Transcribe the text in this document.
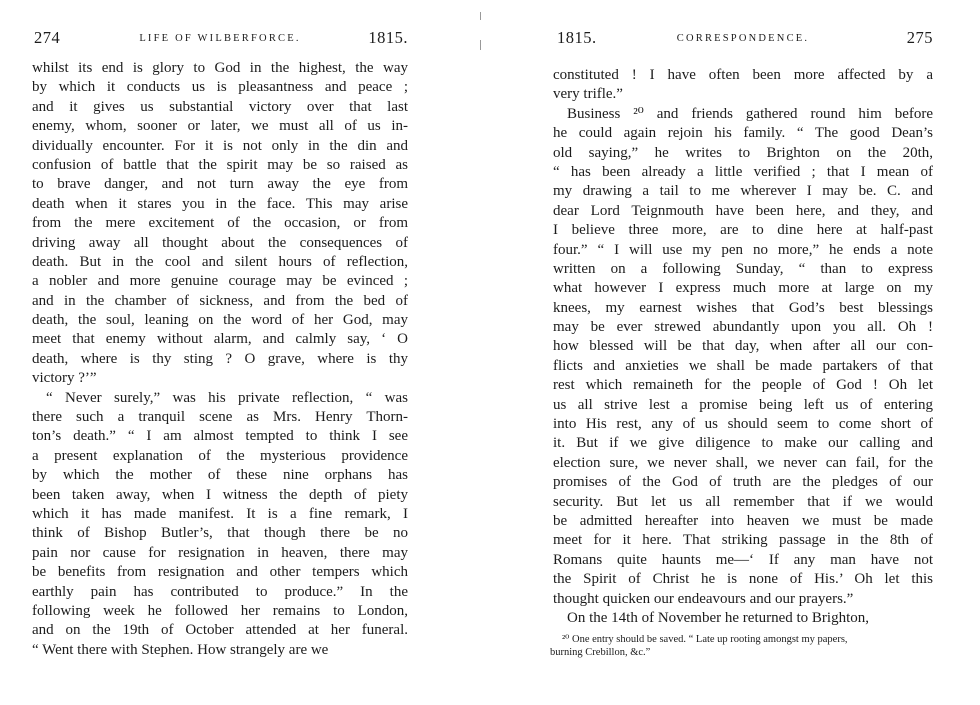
274	LIFE OF WILBERFORCE.	1815.
whilst its end is glory to God in the highest, the way
by which it conducts us is pleasantness and peace ;
and it gives us substantial victory over that last
enemy, whom, sooner or later, we must all of us in-
dividually encounter. For it is not only in the din and
confusion of battle that the spirit may be so raised as
to brave danger, and not turn away the eye from
death when it stares you in the face. This may arise
from the mere excitement of the occasion, or from
driving away all thought about the consequences of
death. But in the cool and silent hours of reflection,
a nobler and more genuine courage may be evinced ;
and in the chamber of sickness, and from the bed of
death, the soul, leaning on the word of her God, may
meet that enemy without alarm, and calmly say, ‘ O
death, where is thy sting ? O grave, where is thy
victory ?’”
“ Never surely,” was his private reflection, “ was
there such a tranquil scene as Mrs. Henry Thorn-
ton’s death.” “ I am almost tempted to think I see
a present explanation of the mysterious providence
by which the mother of these nine orphans has
been taken away, when I witness the depth of piety
which it has made manifest. It is a fine remark, I
think of Bishop Butler’s, that though there be no
pain nor cause for resignation in heaven, there may
be benefits from resignation and other tempers which
earthly pain has contributed to produce.” In the
following week he followed her remains to London,
and on the 19th of October attended at her funeral.
“ Went there with Stephen. How strangely are we
1815.	CORRESPONDENCE.	275
constituted ! I have often been more affected by a
very trifle.”
Business ²⁰ and friends gathered round him before
he could again rejoin his family. “ The good Dean’s
old saying,” he writes to Brighton on the 20th,
“ has been already a little verified ; that I mean of
my drawing a tail to me wherever I may be. C. and
dear Lord Teignmouth have been here, and they, and
I believe three more, are to dine here at half-past
four.” “ I will use my pen no more,” he ends a note
written on a following Sunday, “ than to express
what however I express much more at large on my
knees, my earnest wishes that God’s best blessings
may be ever strewed abundantly upon you all. Oh !
how blessed will be that day, when after all our con-
flicts and anxieties we shall be made partakers of that
rest which remaineth for the people of God ! Oh let
us all strive lest a promise being left us of entering
into His rest, any of us should seem to come short of
it. But if we give diligence to make our calling and
election sure, we never shall, we never can fail, for the
promises of the God of truth are the pledges of our
security. But let us all remember that if we would
be admitted hereafter into heaven we must be made
meet for it here. That striking passage in the 8th of
Romans quite haunts me—‘ If any man have not
the Spirit of Christ he is none of His.’ Oh let this
thought quicken our endeavours and our prayers.”
On the 14th of November he returned to Brighton,
²⁰ One entry should be saved. “ Late up rooting amongst my papers,
burning Crebillon, &c.”
